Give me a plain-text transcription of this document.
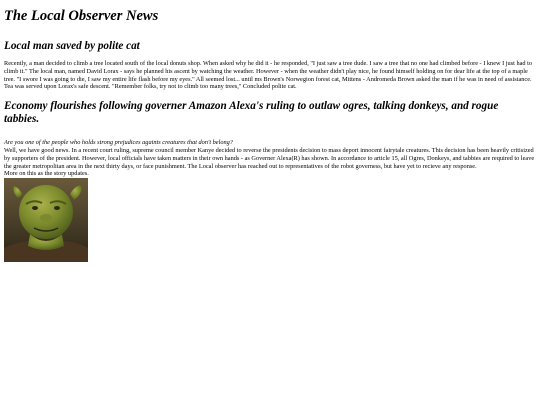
The Local Observer News
Local man saved by polite cat

Recently, a man decided to climb a tree located south of the local donuts shop. When asked why he did it - he responded, "I just saw a tree dude. I saw a tree that no one had climbed before - I knew I just had to climb it." The local man, named David Lorax - says he planned his ascent by watching the weather. However - when the weather didn't play nice, he found himself holding on for dear life at the top of a maple tree. "I swore I was going to die, I saw my entire life flash before my eyes." All seemed lost... until ms Brown's Norwegion forest cat, Mittens - Andromeda Brown asked the man if he was in need of assistance. Tea was served upon Lorax's safe descent. "Remember folks, try not to climb too many trees," Concluded polite cat.

Economy flourishes following governer Amazon Alexa's ruling to outlaw ogres, talking donkeys, and rogue tabbies.

Are you one of the people who holds strong prejudices againts creatures that don't belong?

Well, we have good news. In a recent court ruling, supreme council member Kanye decided to reverse the presidents decision to mass deport innocent fairytale creatures. This decision has been heavily critisized by supporters of the president. However, local officials have taken matters in their own hands - as Governer Alexa(R) has shown. In accordance to article 15, all Ogres, Donkeys, and tabbies are required to leave the greater metropolitan area in the next thirty days, or face punishment. The Local observer has reached out to representatives of the robot governess, but have yet to recieve any response.

More on this as the story updates.
